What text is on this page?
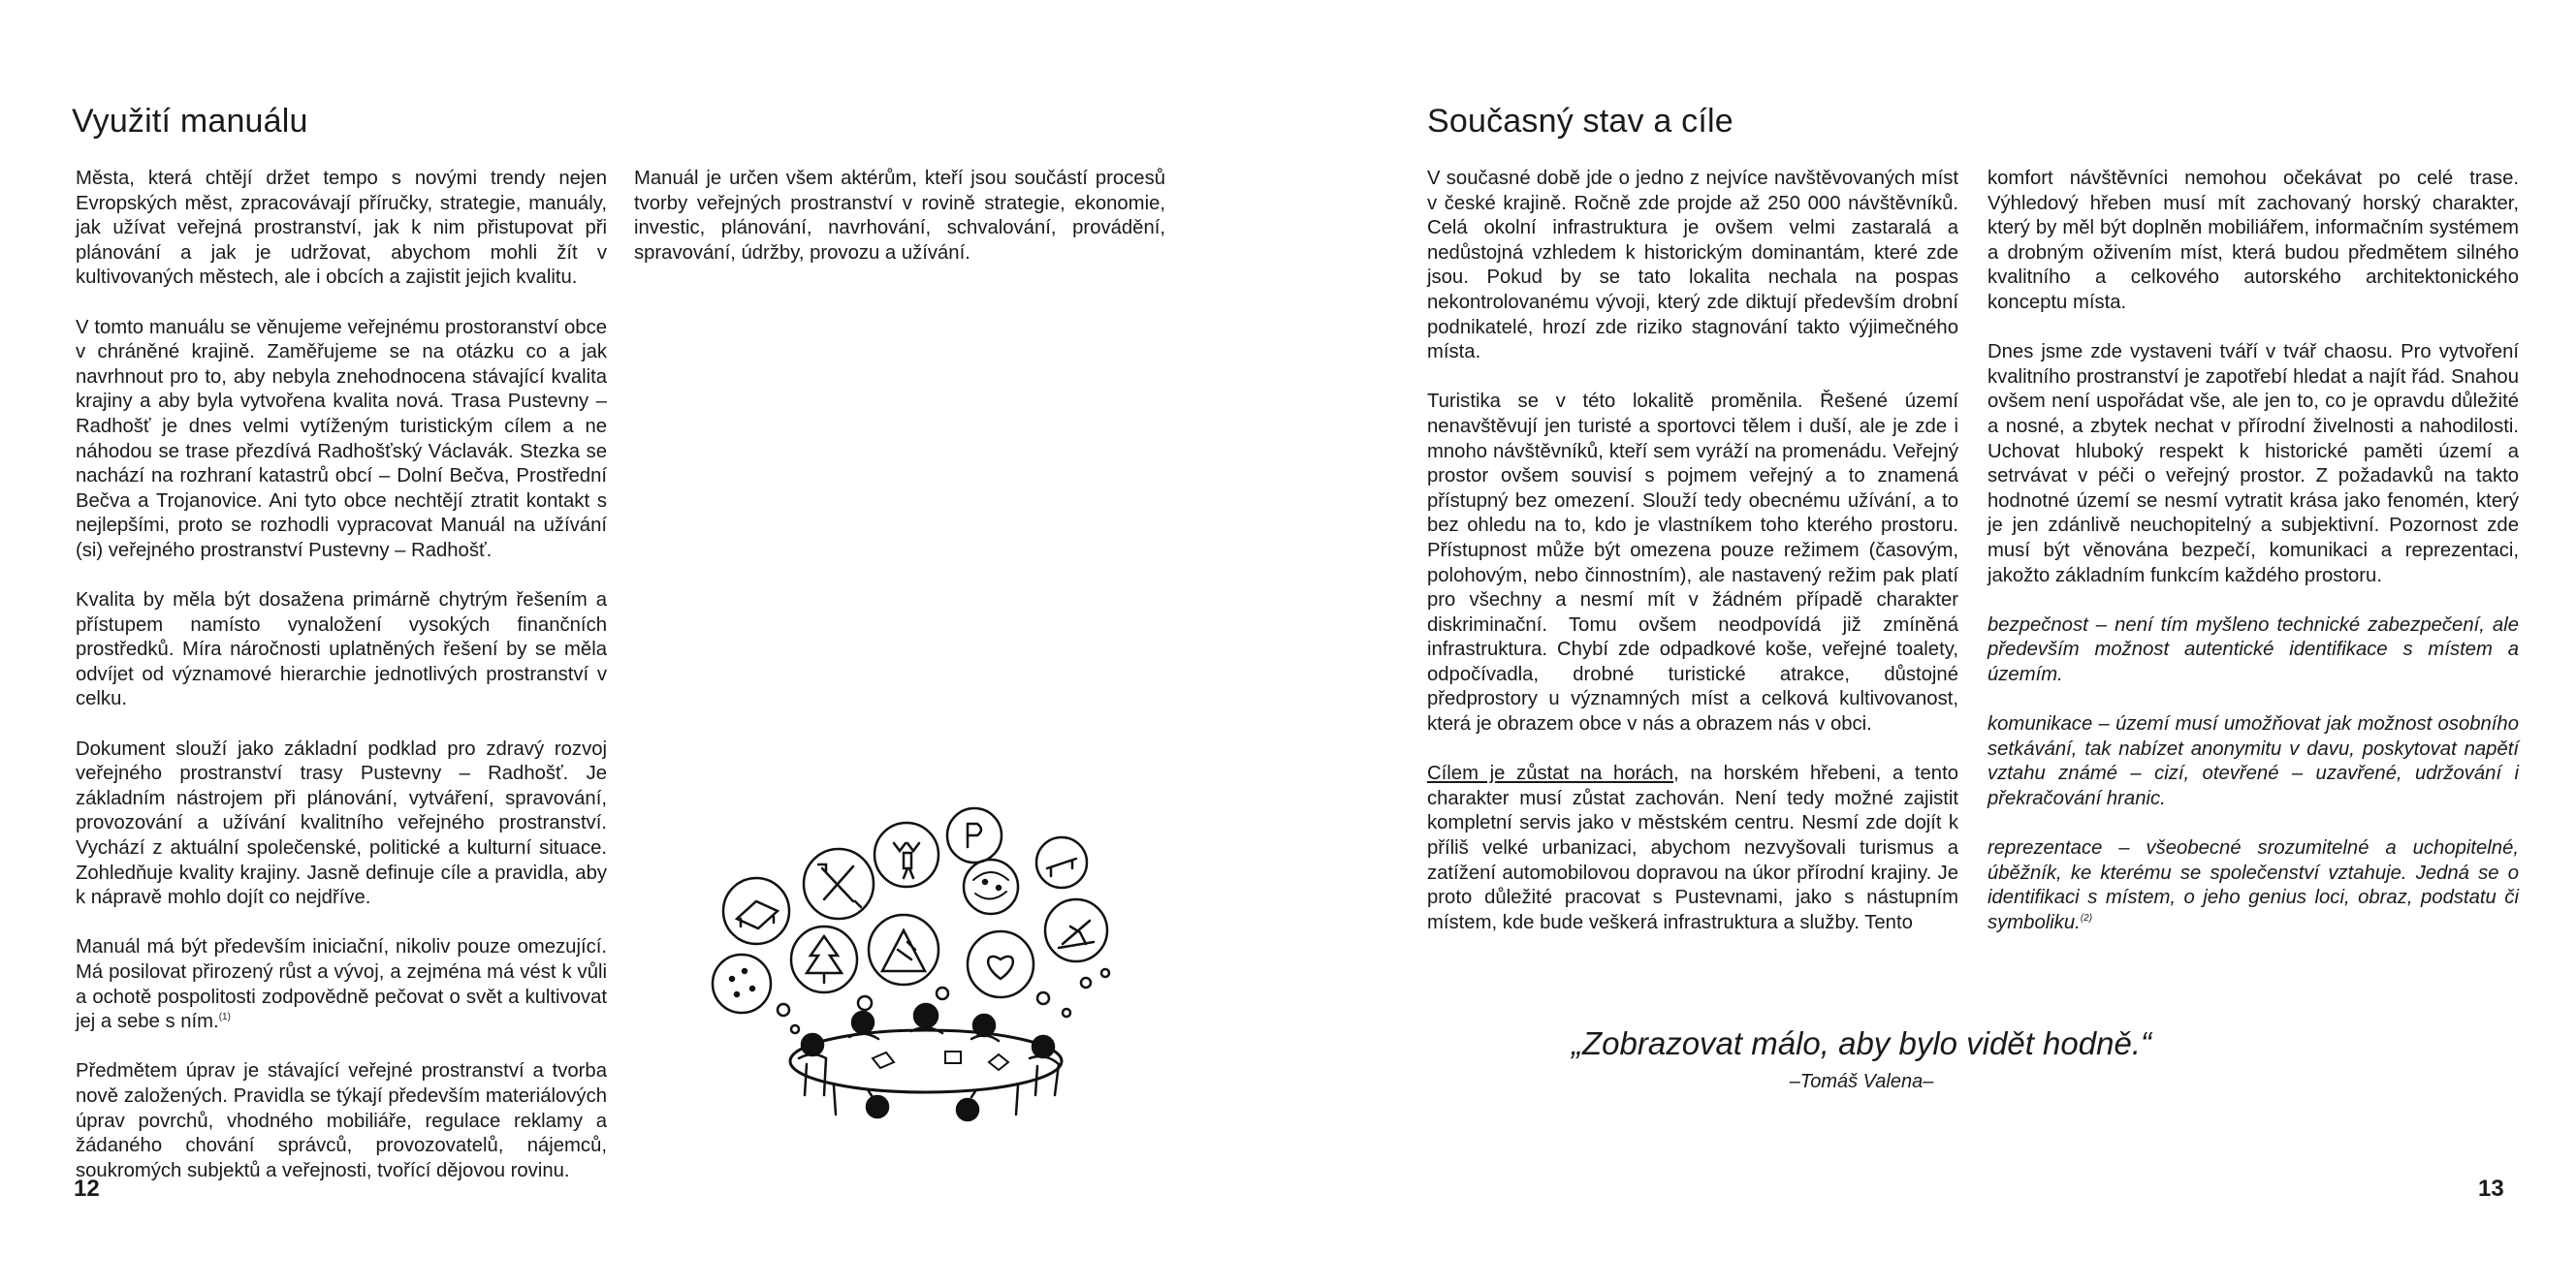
Využití manuálu

Města, která chtějí držet tempo s novými trendy nejen Evropských měst, zpracovávají příručky, strategie, manuály, jak užívat veřejná prostranství, jak k nim přistupovat při plánování a jak je udržovat, abychom mohli žít v kultivovaných městech, ale i obcích a zajistit jejich kvalitu.

V tomto manuálu se věnujeme veřejnému prostoranství obce v chráněné krajině. Zaměřujeme se na otázku co a jak navrhnout pro to, aby nebyla znehodnocena stávající kvalita krajiny a aby byla vytvořena kvalita nová. Trasa Pustevny – Radhošť je dnes velmi vytíženým turistickým cílem a ne náhodou se trase přezdívá Radhošťský Václavák. Stezka se nachází na rozhraní katastrů obcí – Dolní Bečva, Prostřední Bečva a Trojanovice. Ani tyto obce nechtějí ztratit kontakt s nejlepšími, proto se rozhodli vypracovat Manuál na užívání (si) veřejného prostranství Pustevny – Radhošť.

Kvalita by měla být dosažena primárně chytrým řešením a přístupem namísto vynaložení vysokých finančních prostředků. Míra náročnosti uplatněných řešení by se měla odvíjet od významové hierarchie jednotlivých prostranství v celku.

Dokument slouží jako základní podklad pro zdravý rozvoj veřejného prostranství trasy Pustevny – Radhošť. Je základním nástrojem při plánování, vytváření, spravování, provozování a užívání kvalitního veřejného prostranství. Vychází z aktuální společenské, politické a kulturní situace. Zohledňuje kvality krajiny. Jasně definuje cíle a pravidla, aby k nápravě mohlo dojít co nejdříve.

Manuál má být především iniciační, nikoliv pouze omezující. Má posilovat přirozený růst a vývoj, a zejména má vést k vůli a ochotě pospolitosti zodpovědně pečovat o svět a kultivovat jej a sebe s ním.$^{(1)}$

Předmětem úprav je stávající veřejné prostranství a tvorba nově založených. Pravidla se týkají především materiálových úprav povrchů, vhodného mobiliáře, regulace reklamy a žádaného chování správců, provozovatelů, nájemců, soukromých subjektů a veřejnosti, tvořící dějovou rovinu.

Manuál je určen všem aktérům, kteří jsou součástí procesů tvorby veřejných prostranství v rovině strategie, ekonomie, investic, plánování, navrhování, schvalování, provádění, spravování, údržby, provozu a užívání.

12
Současný stav a cíle

V současné době jde o jedno z nejvíce navštěvovaných míst v české krajině. Ročně zde projde až 250 000 návštěvníků. Celá okolní infrastruktura je ovšem velmi zastaralá a nedůstojná vzhledem k historickým dominantám, které zde jsou. Pokud by se tato lokalita nechala na pospas nekontrolovanému vývoji, který zde diktují především drobní podnikatelé, hrozí zde riziko stagnování takto výjimečného místa.

Turistika se v této lokalitě proměnila. Řešené území nenavštěvují jen turisté a sportovci tělem i duší, ale je zde i mnoho návštěvníků, kteří sem vyráží na promenádu. Veřejný prostor ovšem souvisí s pojmem veřejný a to znamená přístupný bez omezení. Slouží tedy obecnému užívání, a to bez ohledu na to, kdo je vlastníkem toho kterého prostoru. Přístupnost může být omezena pouze režimem (časovým, polohovým, nebo činnostním), ale nastavený režim pak platí pro všechny a nesmí mít v žádném případě charakter diskriminační. Tomu ovšem neodpovídá již zmíněná infrastruktura. Chybí zde odpadkové koše, veřejné toalety, odpočívadla, drobné turistické atrakce, důstojné předprostory u významných míst a celková kultivovanost, která je obrazem obce v nás a obrazem nás v obci.

Cílem je zůstat na horách, na horském hřebeni, a tento charakter musí zůstat zachován. Není tedy možné zajistit kompletní servis jako v městském centru. Nesmí zde dojít k příliš velké urbanizaci, abychom nezvyšovali turismus a zatížení automobilovou dopravou na úkor přírodní krajiny. Je proto důležité pracovat s Pustevnami, jako s nástupním místem, kde bude veškerá infrastruktura a služby. Tento

komfort návštěvníci nemohou očekávat po celé trase. Výhledový hřeben musí mít zachovaný horský charakter, který by měl být doplněn mobiliářem, informačním systémem a drobným oživením míst, která budou předmětem silného kvalitního a celkového autorského architektonického konceptu místa.

Dnes jsme zde vystaveni tváří v tvář chaosu. Pro vytvoření kvalitního prostranství je zapotřebí hledat a najít řád. Snahou ovšem není uspořádat vše, ale jen to, co je opravdu důležité a nosné, a zbytek nechat v přírodní živelnosti a nahodilosti. Uchovat hluboký respekt k historické paměti území a setrvávat v péči o veřejný prostor. Z požadavků na takto hodnotné území se nesmí vytratit krása jako fenomén, který je jen zdánlivě neuchopitelný a subjektivní. Pozornost zde musí být věnována bezpečí, komunikaci a reprezentaci, jakožto základním funkcím každého prostoru.

bezpečnost – není tím myšleno technické zabezpečení, ale především možnost autentické identifikace s místem a územím.

komunikace – území musí umožňovat jak možnost osobního setkávání, tak nabízet anonymitu v davu, poskytovat napětí vztahu známé – cizí, otevřené – uzavřené, udržování i překračování hranic.

reprezentace – všeobecné srozumitelné a uchopitelné, úběžník, ke kterému se společenství vztahuje. Jedná se o identifikaci s místem, o jeho genius loci, obraz, podstatu či symboliku.$^{(2)}$

„Zobrazovat málo, aby bylo vidět hodně.“
–Tomáš Valena–
13
